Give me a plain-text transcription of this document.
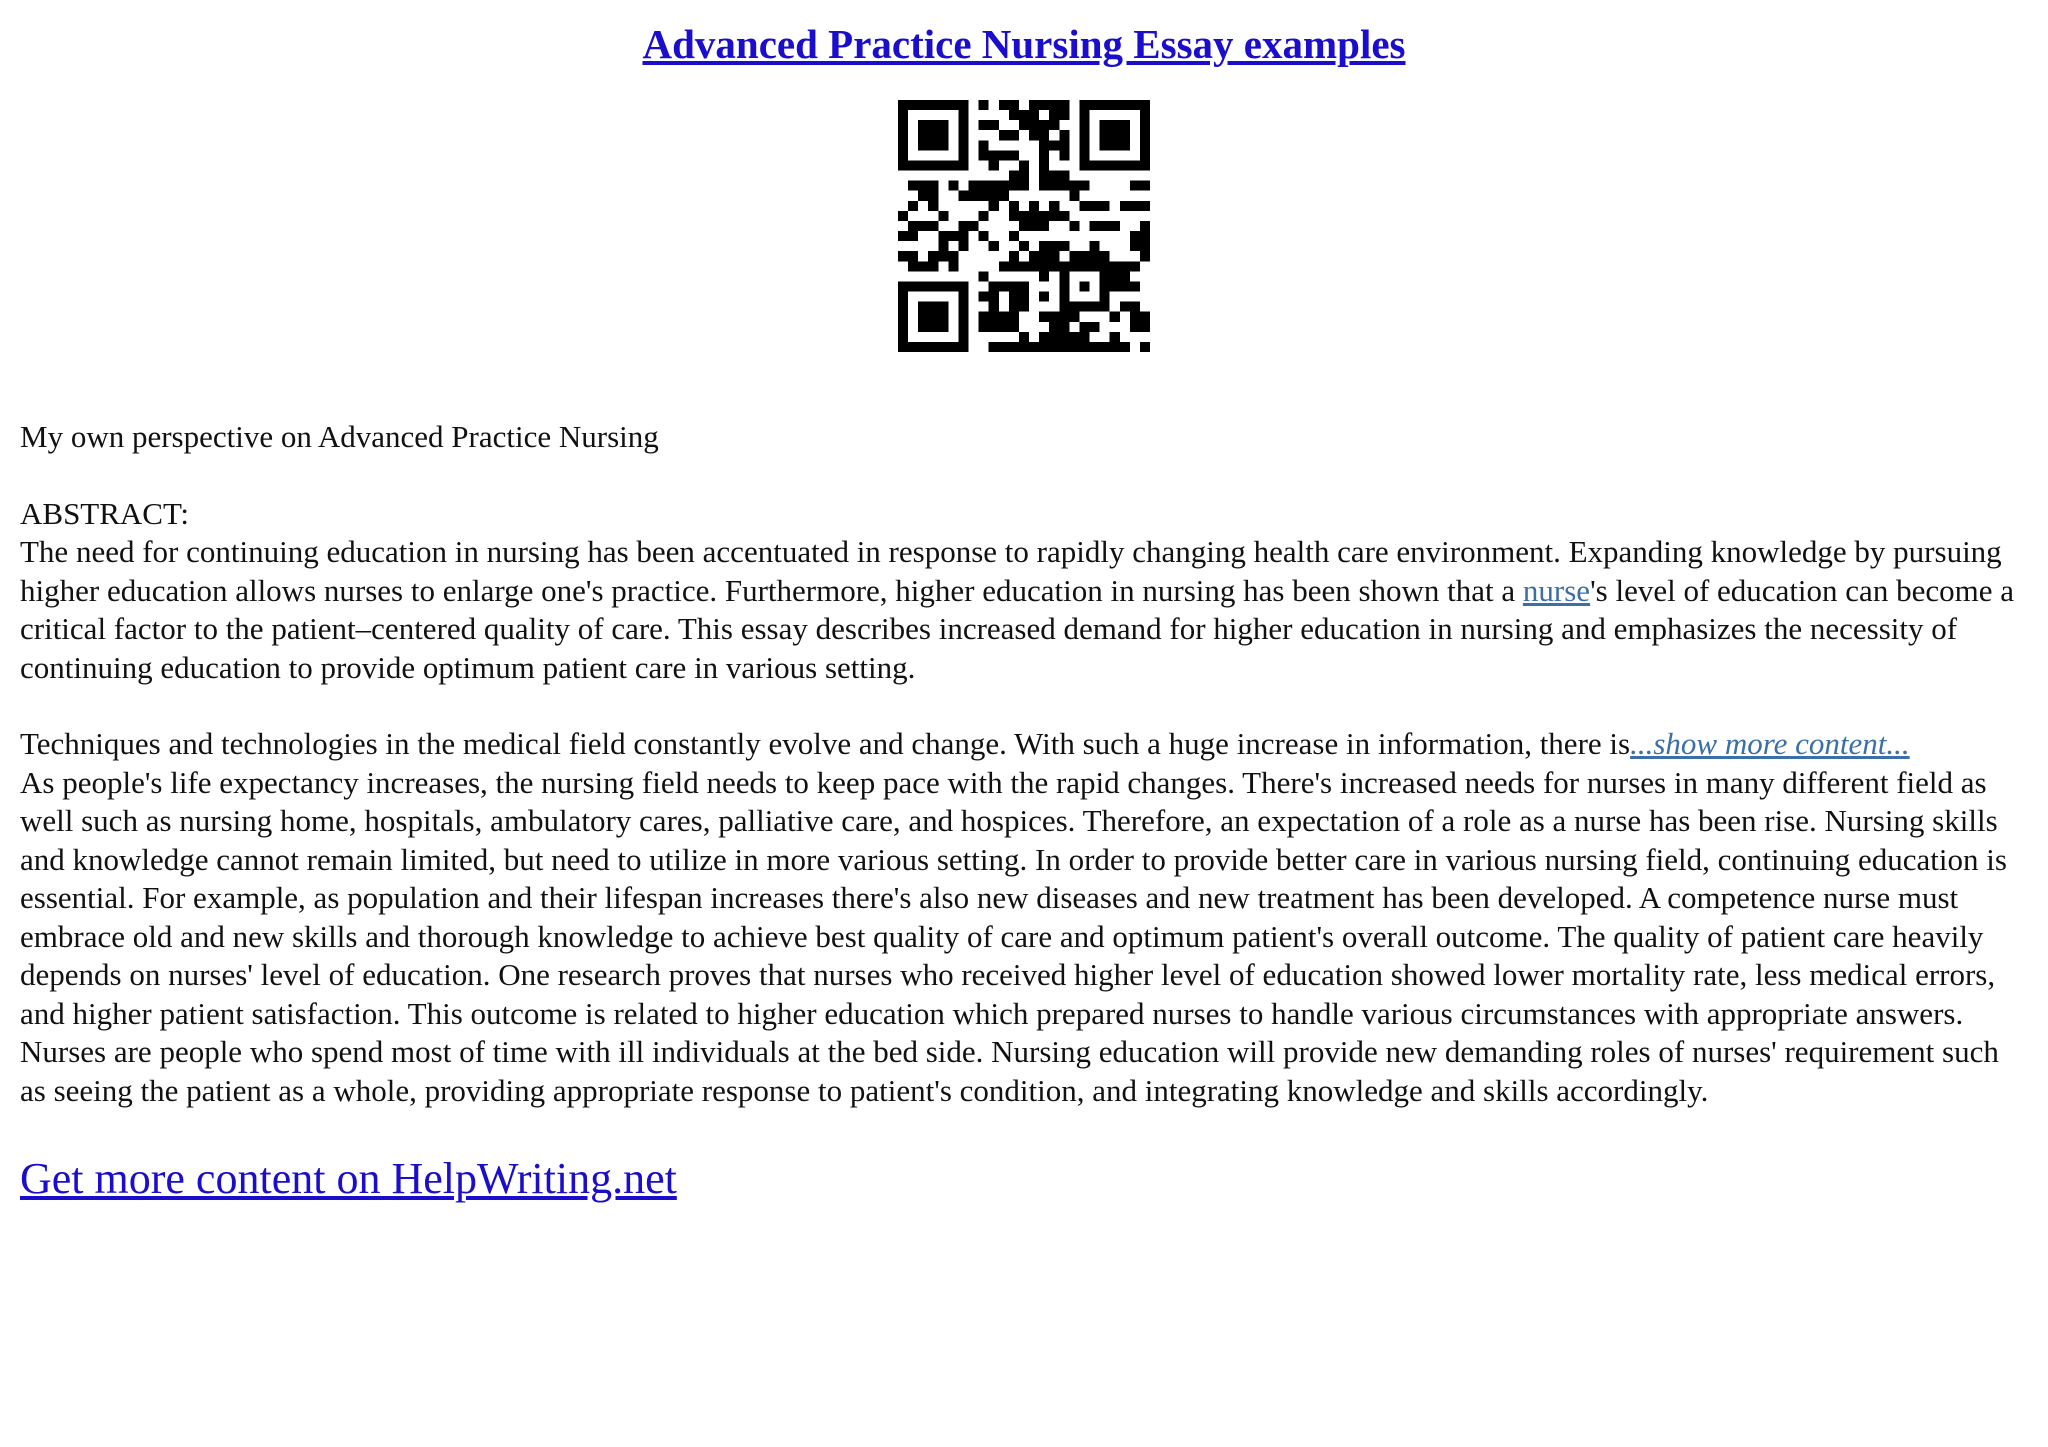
Advanced Practice Nursing Essay examples
My own perspective on Advanced Practice Nursing
ABSTRACT:

The need for continuing education in nursing has been accentuated in response to rapidly changing health care environment. Expanding knowledge by pursuing higher education allows nurses to enlarge one's practice. Furthermore, higher education in nursing has been shown that a nurse's level of education can become a critical factor to the patient–centered quality of care. This essay describes increased demand for higher education in nursing and emphasizes the necessity of continuing education to provide optimum patient care in various setting.

Techniques and technologies in the medical field constantly evolve and change. With such a huge increase in information, there is...show more content...
As people's life expectancy increases, the nursing field needs to keep pace with the rapid changes. There's increased needs for nurses in many different field as well such as nursing home, hospitals, ambulatory cares, palliative care, and hospices. Therefore, an expectation of a role as a nurse has been rise. Nursing skills and knowledge cannot remain limited, but need to utilize in more various setting. In order to provide better care in various nursing field, continuing education is essential. For example, as population and their lifespan increases there's also new diseases and new treatment has been developed. A competence nurse must embrace old and new skills and thorough knowledge to achieve best quality of care and optimum patient's overall outcome. The quality of patient care heavily depends on nurses' level of education. One research proves that nurses who received higher level of education showed lower mortality rate, less medical errors, and higher patient satisfaction. This outcome is related to higher education which prepared nurses to handle various circumstances with appropriate answers. Nurses are people who spend most of time with ill individuals at the bed side. Nursing education will provide new demanding roles of nurses' requirement such as seeing the patient as a whole, providing appropriate response to patient's condition, and integrating knowledge and skills accordingly.
Get more content on HelpWriting.net
